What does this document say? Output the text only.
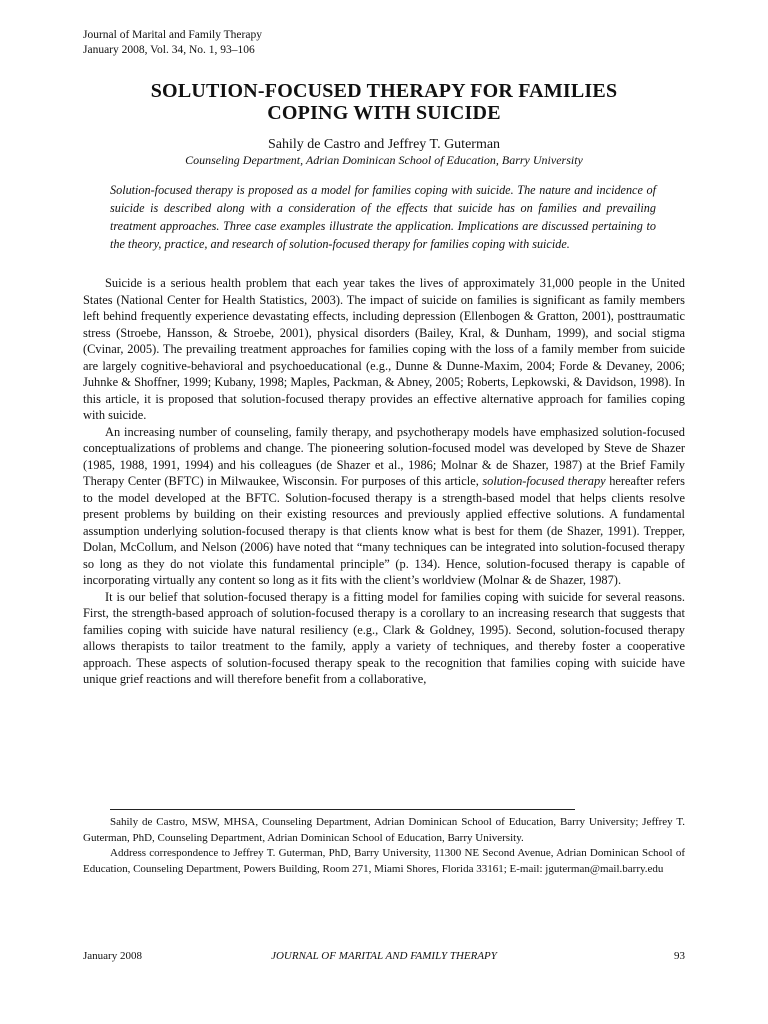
Journal of Marital and Family Therapy
January 2008, Vol. 34, No. 1, 93–106
SOLUTION-FOCUSED THERAPY FOR FAMILIES
COPING WITH SUICIDE
Sahily de Castro and Jeffrey T. Guterman
Counseling Department, Adrian Dominican School of Education, Barry University
Solution-focused therapy is proposed as a model for families coping with suicide. The nature and incidence of suicide is described along with a consideration of the effects that suicide has on families and prevailing treatment approaches. Three case examples illustrate the application. Implications are discussed pertaining to the theory, practice, and research of solution-focused therapy for families coping with suicide.

Suicide is a serious health problem that each year takes the lives of approximately 31,000 people in the United States (National Center for Health Statistics, 2003). The impact of suicide on families is significant as family members left behind frequently experience devastating effects, including depression (Ellenbogen & Gratton, 2001), posttraumatic stress (Stroebe, Hansson, & Stroebe, 2001), physical disorders (Bailey, Kral, & Dunham, 1999), and social stigma (Cvinar, 2005). The prevailing treatment approaches for families coping with the loss of a family member from suicide are largely cognitive-behavioral and psychoeducational (e.g., Dunne & Dunne-Maxim, 2004; Forde & Devaney, 2006; Juhnke & Shoffner, 1999; Kubany, 1998; Maples, Packman, & Abney, 2005; Roberts, Lepkowski, & Davidson, 1998). In this article, it is proposed that solution-focused therapy provides an effective alternative approach for families coping with suicide.

An increasing number of counseling, family therapy, and psychotherapy models have emphasized solution-focused conceptualizations of problems and change. The pioneering solution-focused model was developed by Steve de Shazer (1985, 1988, 1991, 1994) and his colleagues (de Shazer et al., 1986; Molnar & de Shazer, 1987) at the Brief Family Therapy Center (BFTC) in Milwaukee, Wisconsin. For purposes of this article, solution-focused therapy hereafter refers to the model developed at the BFTC. Solution-focused therapy is a strength-based model that helps clients resolve present problems by building on their existing resources and previously applied effective solutions. A fundamental assumption underlying solution-focused therapy is that clients know what is best for them (de Shazer, 1991). Trepper, Dolan, McCollum, and Nelson (2006) have noted that “many techniques can be integrated into solution-focused therapy so long as they do not violate this fundamental principle” (p. 134). Hence, solution-focused therapy is capable of incorporating virtually any content so long as it fits with the client’s worldview (Molnar & de Shazer, 1987).

It is our belief that solution-focused therapy is a fitting model for families coping with suicide for several reasons. First, the strength-based approach of solution-focused therapy is a corollary to an increasing research that suggests that families coping with suicide have natural resiliency (e.g., Clark & Goldney, 1995). Second, solution-focused therapy allows therapists to tailor treatment to the family, apply a variety of techniques, and thereby foster a cooperative approach. These aspects of solution-focused therapy speak to the recognition that families coping with suicide have unique grief reactions and will therefore benefit from a collaborative,

Sahily de Castro, MSW, MHSA, Counseling Department, Adrian Dominican School of Education, Barry University; Jeffrey T. Guterman, PhD, Counseling Department, Adrian Dominican School of Education, Barry University.

Address correspondence to Jeffrey T. Guterman, PhD, Barry University, 11300 NE Second Avenue, Adrian Dominican School of Education, Counseling Department, Powers Building, Room 271, Miami Shores, Florida 33161; E-mail: jguterman@mail.barry.edu

January 2008	JOURNAL OF MARITAL AND FAMILY THERAPY	93
